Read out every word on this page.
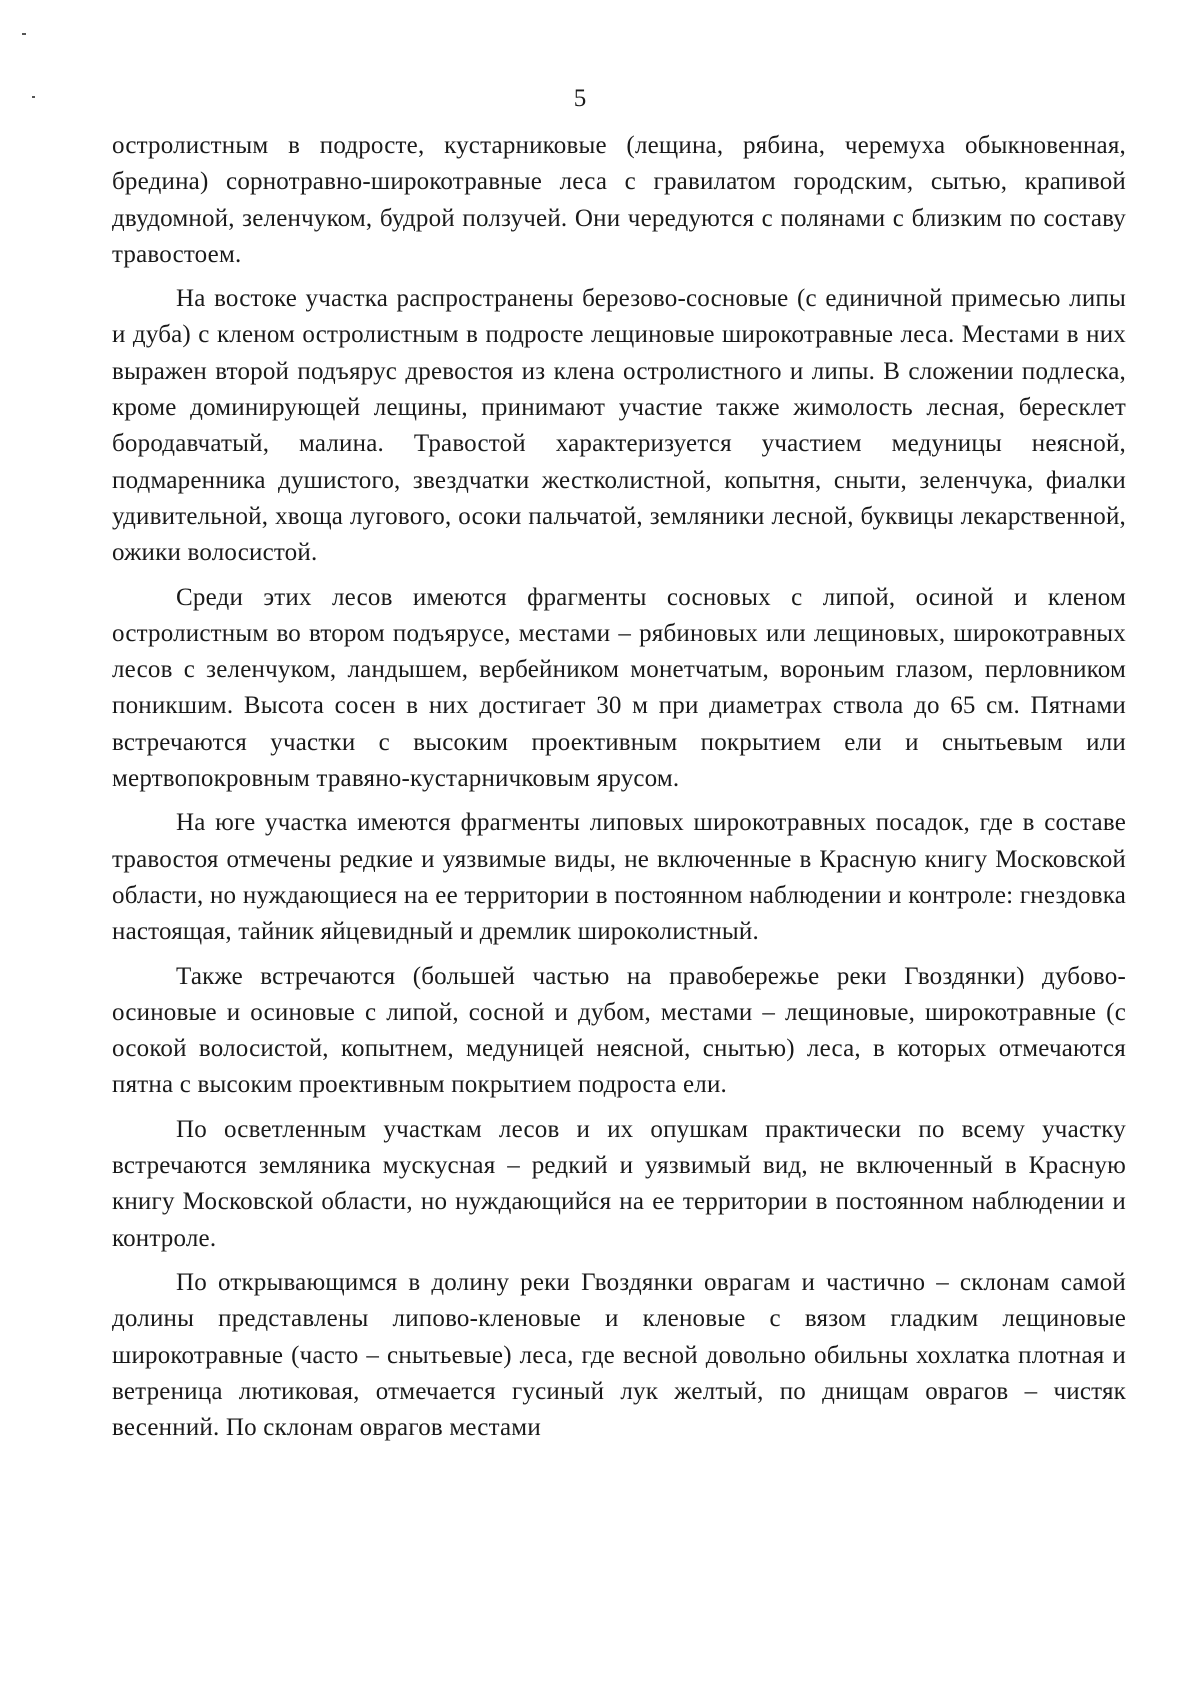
5

остролистным в подросте, кустарниковые (лещина, рябина, черемуха обыкновенная, бредина) сорнотравно-широкотравные леса с гравилатом городским, сытью, крапивой двудомной, зеленчуком, будрой ползучей. Они чередуются с полянами с близким по составу травостоем.

На востоке участка распространены березово-сосновые (с единичной примесью липы и дуба) с кленом остролистным в подросте лещиновые широкотравные леса. Местами в них выражен второй подъярус древостоя из клена остролистного и липы. В сложении подлеска, кроме доминирующей лещины, принимают участие также жимолость лесная, бересклет бородавчатый, малина. Травостой характеризуется участием медуницы неясной, подмаренника душистого, звездчатки жестколистной, копытня, сныти, зеленчука, фиалки удивительной, хвоща лугового, осоки пальчатой, земляники лесной, буквицы лекарственной, ожики волосистой.

Среди этих лесов имеются фрагменты сосновых с липой, осиной и кленом остролистным во втором подъярусе, местами – рябиновых или лещиновых, широкотравных лесов с зеленчуком, ландышем, вербейником монетчатым, вороньим глазом, перловником поникшим. Высота сосен в них достигает 30 м при диаметрах ствола до 65 см. Пятнами встречаются участки с высоким проективным покрытием ели и снытьевым или мертвопокровным травяно-кустарничковым ярусом.

На юге участка имеются фрагменты липовых широкотравных посадок, где в составе травостоя отмечены редкие и уязвимые виды, не включенные в Красную книгу Московской области, но нуждающиеся на ее территории в постоянном наблюдении и контроле: гнездовка настоящая, тайник яйцевидный и дремлик широколистный.

Также встречаются (большей частью на правобережье реки Гвоздянки) дубово-осиновые и осиновые с липой, сосной и дубом, местами – лещиновые, широкотравные (с осокой волосистой, копытнем, медуницей неясной, снытью) леса, в которых отмечаются пятна с высоким проективным покрытием подроста ели.

По осветленным участкам лесов и их опушкам практически по всему участку встречаются земляника мускусная – редкий и уязвимый вид, не включенный в Красную книгу Московской области, но нуждающийся на ее территории в постоянном наблюдении и контроле.

По открывающимся в долину реки Гвоздянки оврагам и частично – склонам самой долины представлены липово-кленовые и кленовые с вязом гладким лещиновые широкотравные (часто – снытьевые) леса, где весной довольно обильны хохлатка плотная и ветреница лютиковая, отмечается гусиный лук желтый, по днищам оврагов – чистяк весенний. По склонам оврагов местами
